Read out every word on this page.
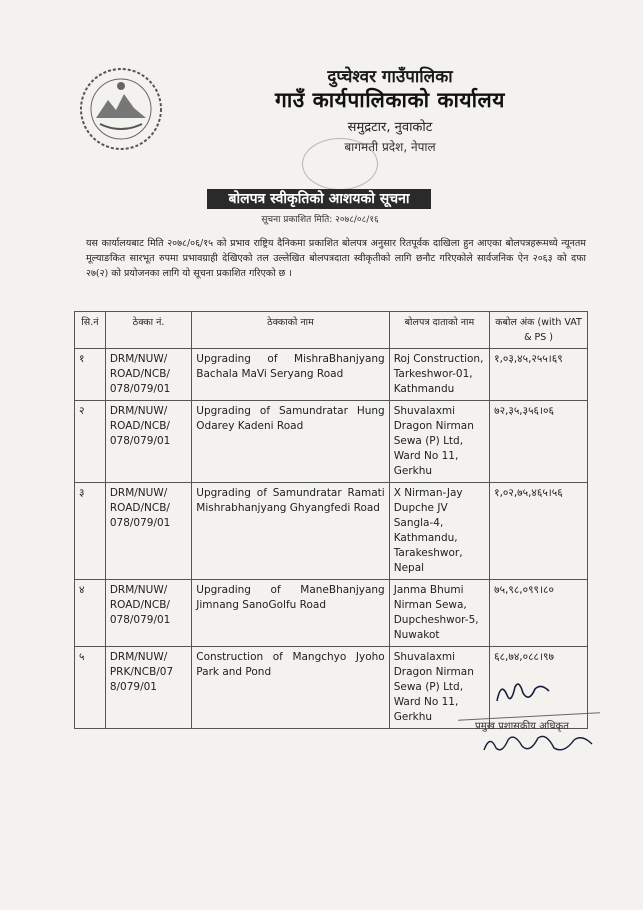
दुप्चेश्वर गाउँपालिका
गाउँ कार्यपालिकाको कार्यालय
समुद्रटार, नुवाकोट
बागमती प्रदेश, नेपाल
बोलपत्र स्वीकृतिको आशयको सूचना
सूचना प्रकाशित मिति: २०७८/०८/१६
यस कार्यालयबाट मिति २०७८/०६/१५ को प्रभाव राष्ट्रिय दैनिकमा प्रकाशित बोलपत्र अनुसार रितपूर्वक दाखिला हुन आएका बोलपत्रहरूमध्ये न्यूनतम मूल्याङकित सारभूत रुपमा प्रभावग्राही देखिएको तल उल्लेखित बोलपत्रदाता स्वीकृतीको लागि छनौट गरिएकोले सार्वजनिक ऐन २०६३ को दफा २७(२) को प्रयोजनका लागि यो सूचना प्रकाशित गरिएको छ ।
सि.नं	ठेक्का नं.	ठेक्काको नाम	बोलपत्र दाताको नाम	कबोल अंक (with VAT & PS )
१	DRM/NUW/ ROAD/NCB/ 078/079/01	Upgrading of MishraBhanjyang Bachala MaVi Seryang Road	Roj Construction, Tarkeshwor-01, Kathmandu	१,०३,४५,२५५।६९
२	DRM/NUW/ ROAD/NCB/ 078/079/01	Upgrading of Samundratar Hung Odarey Kadeni Road	Shuvalaxmi Dragon Nirman Sewa (P) Ltd, Ward No 11, Gerkhu	७२,३५,३५६।०६
३	DRM/NUW/ ROAD/NCB/ 078/079/01	Upgrading of Samundratar Ramati Mishrabhanjyang Ghyangfedi Road	X Nirman-Jay Dupche JV Sangla-4, Kathmandu, Tarakeshwor, Nepal	१,०२,७५,४६५।५६
४	DRM/NUW/ ROAD/NCB/ 078/079/01	Upgrading of ManeBhanjyang Jimnang SanoGolfu Road	Janma Bhumi Nirman Sewa, Dupcheshwor-5, Nuwakot	७५,९८,०९९।८०
५	DRM/NUW/ PRK/NCB/07 8/079/01	Construction of Mangchyo Jyoho Park and Pond	Shuvalaxmi Dragon Nirman Sewa (P) Ltd, Ward No 11, Gerkhu	६८,७४,०८८।९७
प्रमुख प्रशासकीय अधिकृत
